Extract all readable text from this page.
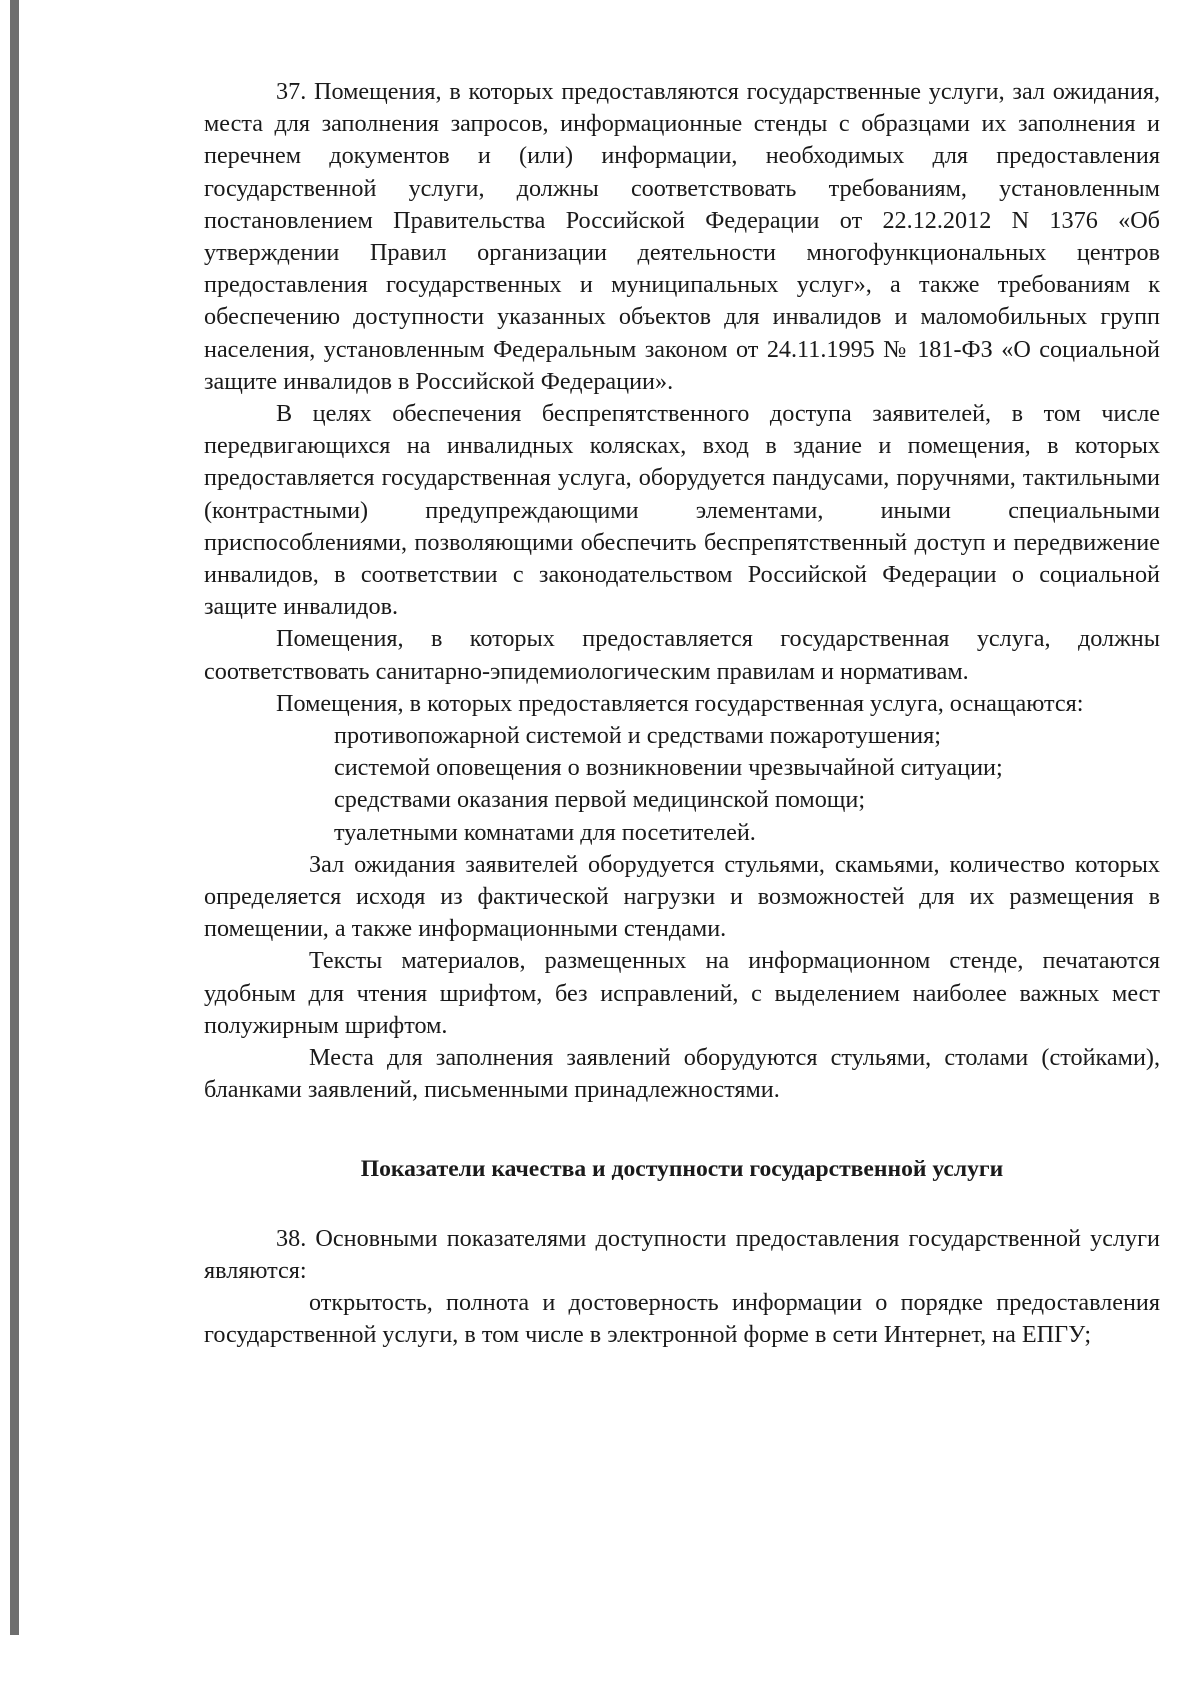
37. Помещения, в которых предоставляются государственные услуги, зал ожидания, места для заполнения запросов, информационные стенды с образцами их заполнения и перечнем документов и (или) информации, необходимых для предоставления государственной услуги, должны соответствовать требованиям, установленным постановлением Правительства Российской Федерации от 22.12.2012 N 1376 «Об утверждении Правил организации деятельности многофункциональных центров предоставления государственных и муниципальных услуг», а также требованиям к обеспечению доступности указанных объектов для инвалидов и маломобильных групп населения, установленным Федеральным законом от 24.11.1995 № 181-ФЗ «О социальной защите инвалидов в Российской Федерации».

В целях обеспечения беспрепятственного доступа заявителей, в том числе передвигающихся на инвалидных колясках, вход в здание и помещения, в которых предоставляется государственная услуга, оборудуется пандусами, поручнями, тактильными (контрастными) предупреждающими элементами, иными специальными приспособлениями, позволяющими обеспечить беспрепятственный доступ и передвижение инвалидов, в соответствии с законодательством Российской Федерации о социальной защите инвалидов.

Помещения, в которых предоставляется государственная услуга, должны соответствовать санитарно-эпидемиологическим правилам и нормативам.

Помещения, в которых предоставляется государственная услуга, оснащаются:

противопожарной системой и средствами пожаротушения;

системой оповещения о возникновении чрезвычайной ситуации;

средствами оказания первой медицинской помощи;

туалетными комнатами для посетителей.

Зал ожидания заявителей оборудуется стульями, скамьями, количество которых определяется исходя из фактической нагрузки и возможностей для их размещения в помещении, а также информационными стендами.

Тексты материалов, размещенных на информационном стенде, печатаются удобным для чтения шрифтом, без исправлений, с выделением наиболее важных мест полужирным шрифтом.

Места для заполнения заявлений оборудуются стульями, столами (стойками), бланками заявлений, письменными принадлежностями.

Показатели качества и доступности государственной услуги

38. Основными показателями доступности предоставления государственной услуги являются:

открытость, полнота и достоверность информации о порядке предоставления государственной услуги, в том числе в электронной форме в сети Интернет, на ЕПГУ;
